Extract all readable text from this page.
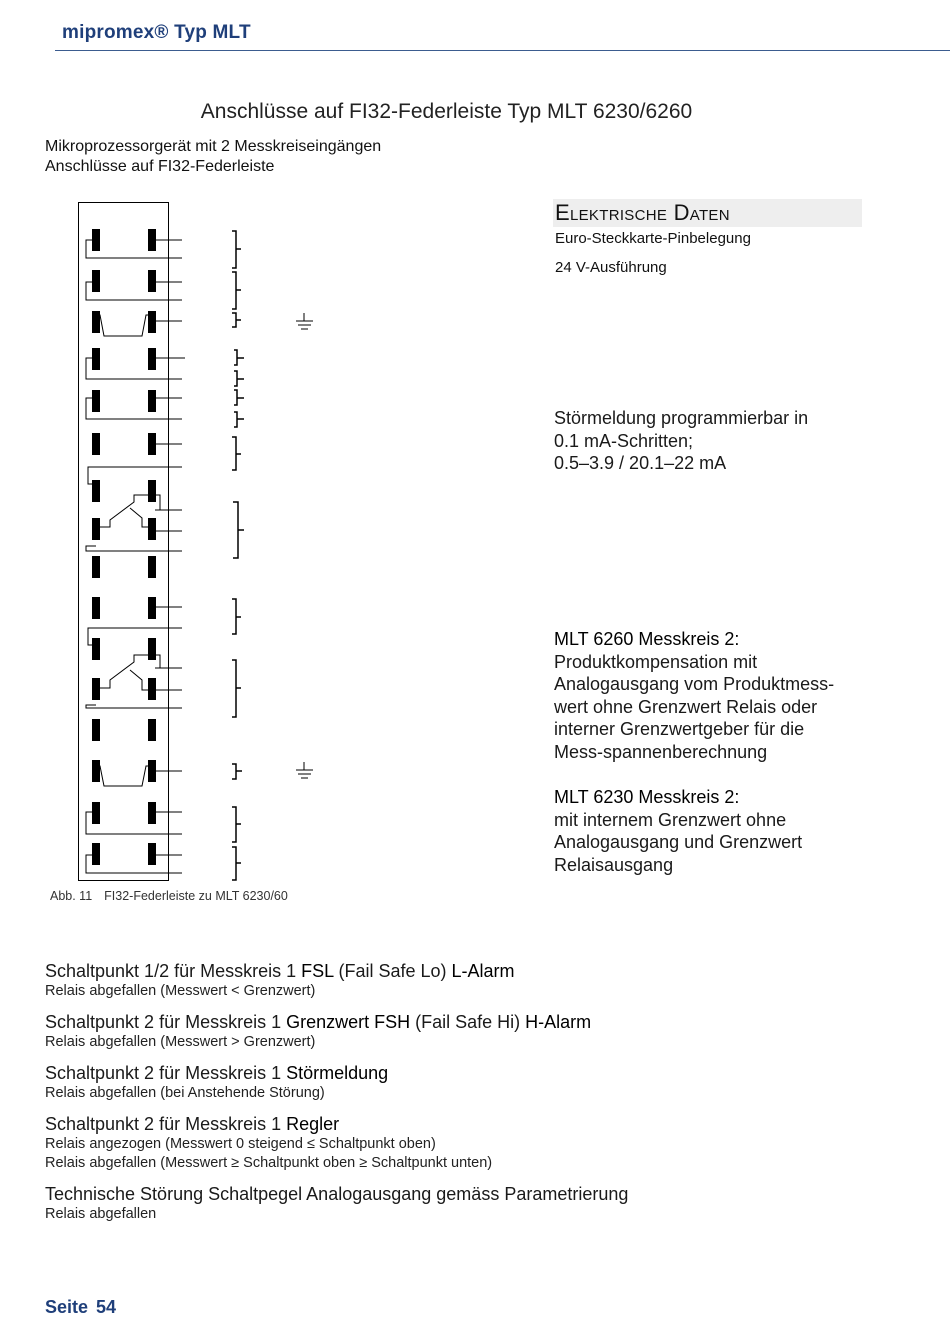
mipromex® Typ MLT
Anschlüsse auf FI32-Federleiste Typ MLT 6230/6260
Mikroprozessorgerät mit 2 Messkreiseingängen
Anschlüsse auf FI32-Federleiste
Elektrische Daten
Euro-Steckkarte-Pinbelegung
24 V-Ausführung
Störmeldung programmierbar in
0.1 mA-Schritten;
0.5–3.9 / 20.1–22 mA
MLT 6260 Messkreis 2:
Produktkompensation mit
Analogausgang vom Produktmess-
wert ohne Grenzwert Relais oder
interner Grenzwertgeber für die
Mess-spannenberechnung
MLT 6230 Messkreis 2:
mit internem Grenzwert ohne
Analogausgang und Grenzwert
Relaisausgang
Abb. 11 FI32-Federleiste zu MLT 6230/60
Schaltpunkt 1/2 für Messkreis 1 FSL (Fail Safe Lo) L-Alarm
Relais abgefallen (Messwert < Grenzwert)
Schaltpunkt 2 für Messkreis 1 Grenzwert FSH (Fail Safe Hi) H-Alarm
Relais abgefallen (Messwert > Grenzwert)
Schaltpunkt 2 für Messkreis 1 Störmeldung
Relais abgefallen (bei Anstehende Störung)
Schaltpunkt 2 für Messkreis 1 Regler
Relais angezogen (Messwert 0 steigend ≤ Schaltpunkt oben)
Relais abgefallen (Messwert ≥ Schaltpunkt oben ≥ Schaltpunkt unten)
Technische Störung Schaltpegel Analogausgang gemäss Parametrierung
Relais abgefallen
Seite 54
